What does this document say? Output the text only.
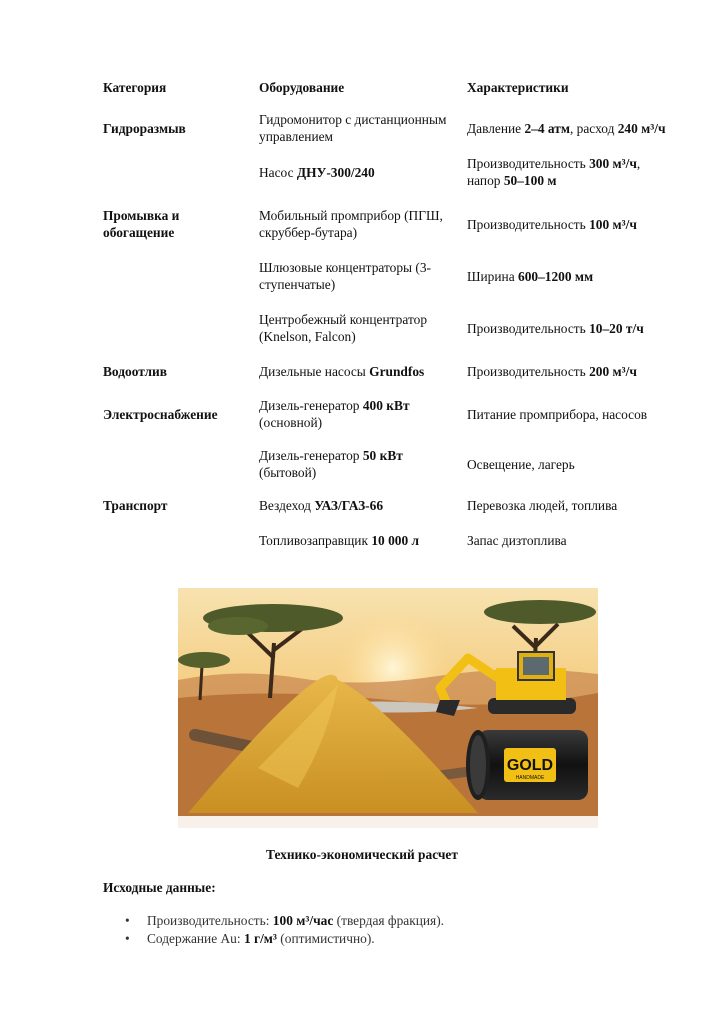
Категория	Оборудование	Характеристики
Гидроразмыв	Гидромонитор с дистанционным управлением	Давление 2–4 атм, расход 240 м³/ч
	Насос ДНУ-300/240	Производительность 300 м³/ч, напор 50–100 м
Промывка и обогащение	Мобильный промприбор (ПГШ, скруббер-бутара)	Производительность 100 м³/ч
	Шлюзовые концентраторы (3-ступенчатые)	Ширина 600–1200 мм
	Центробежный концентратор (Knelson, Falcon)	Производительность 10–20 т/ч
Водоотлив	Дизельные насосы Grundfos	Производительность 200 м³/ч
Электроснабжение	Дизель-генератор 400 кВт (основной)	Питание промприбора, насосов
	Дизель-генератор 50 кВт (бытовой)	Освещение, лагерь
Транспорт	Вездеход УАЗ/ГАЗ-66	Перевозка людей, топлива
	Топливозаправщик 10 000 л	Запас дизтоплива
GOLD
HANDMADE
Технико-экономический расчет
Исходные данные:
• Производительность: 100 м³/час (твердая фракция).
• Содержание Au: 1 г/м³ (оптимистично).
